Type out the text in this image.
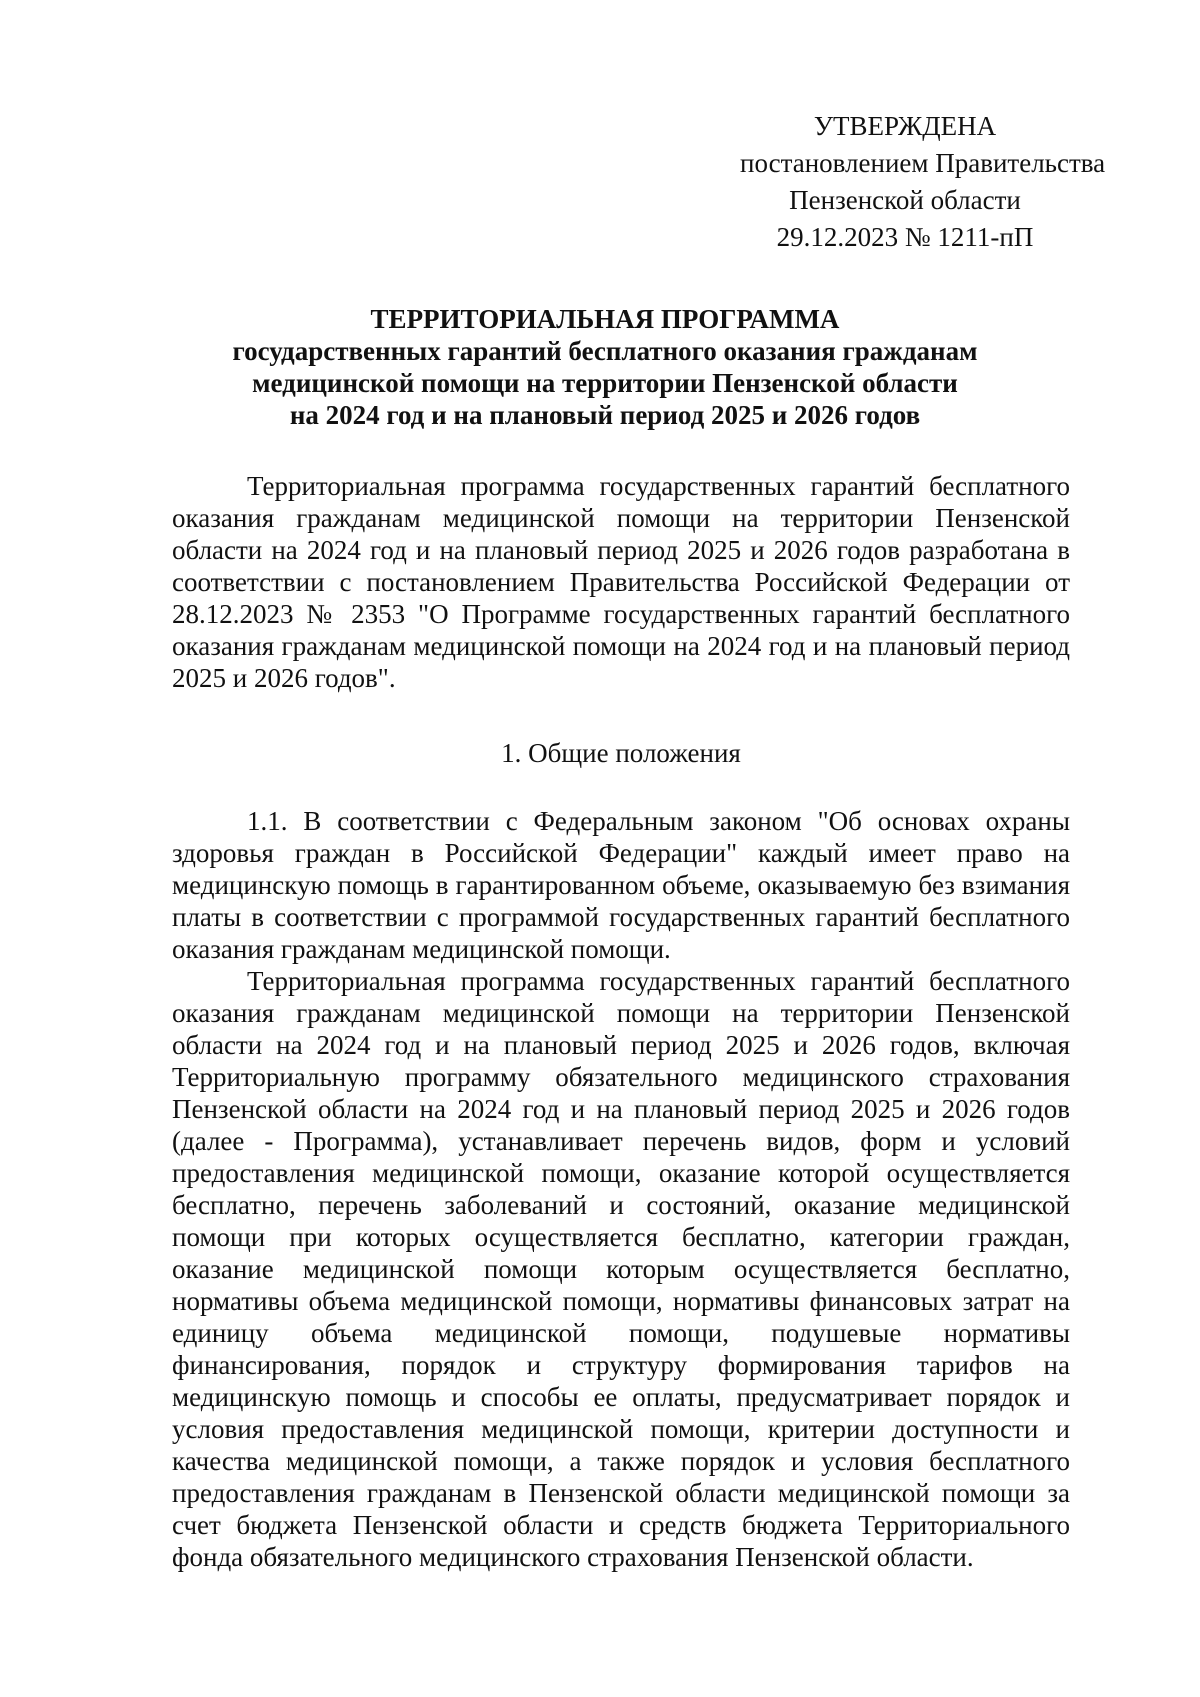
УТВЕРЖДЕНА
постановлением Правительства
Пензенской области
29.12.2023 № 1211-пП
ТЕРРИТОРИАЛЬНАЯ ПРОГРАММА
государственных гарантий бесплатного оказания гражданам
медицинской помощи на территории Пензенской области
на 2024 год и на плановый период 2025 и 2026 годов
Территориальная программа государственных гарантий бесплатного оказания гражданам медицинской помощи на территории Пензенской области на 2024 год и на плановый период 2025 и 2026 годов разработана в соответствии с постановлением Правительства Российской Федерации от 28.12.2023 № 2353 "О Программе государственных гарантий бесплатного оказания гражданам медицинской помощи на 2024 год и на плановый период 2025 и 2026 годов".
1. Общие положения
1.1. В соответствии с Федеральным законом "Об основах охраны здоровья граждан в Российской Федерации" каждый имеет право на медицинскую помощь в гарантированном объеме, оказываемую без взимания платы в соответствии с программой государственных гарантий бесплатного оказания гражданам медицинской помощи.
Территориальная программа государственных гарантий бесплатного оказания гражданам медицинской помощи на территории Пензенской области на 2024 год и на плановый период 2025 и 2026 годов, включая Территориальную программу обязательного медицинского страхования Пензенской области на 2024 год и на плановый период 2025 и 2026 годов (далее - Программа), устанавливает перечень видов, форм и условий предоставления медицинской помощи, оказание которой осуществляется бесплатно, перечень заболеваний и состояний, оказание медицинской помощи при которых осуществляется бесплатно, категории граждан, оказание медицинской помощи которым осуществляется бесплатно, нормативы объема медицинской помощи, нормативы финансовых затрат на единицу объема медицинской помощи, подушевые нормативы финансирования, порядок и структуру формирования тарифов на медицинскую помощь и способы ее оплаты, предусматривает порядок и условия предоставления медицинской помощи, критерии доступности и качества медицинской помощи, а также порядок и условия бесплатного предоставления гражданам в Пензенской области медицинской помощи за счет бюджета Пензенской области и средств бюджета Территориального фонда обязательного медицинского страхования Пензенской области.
